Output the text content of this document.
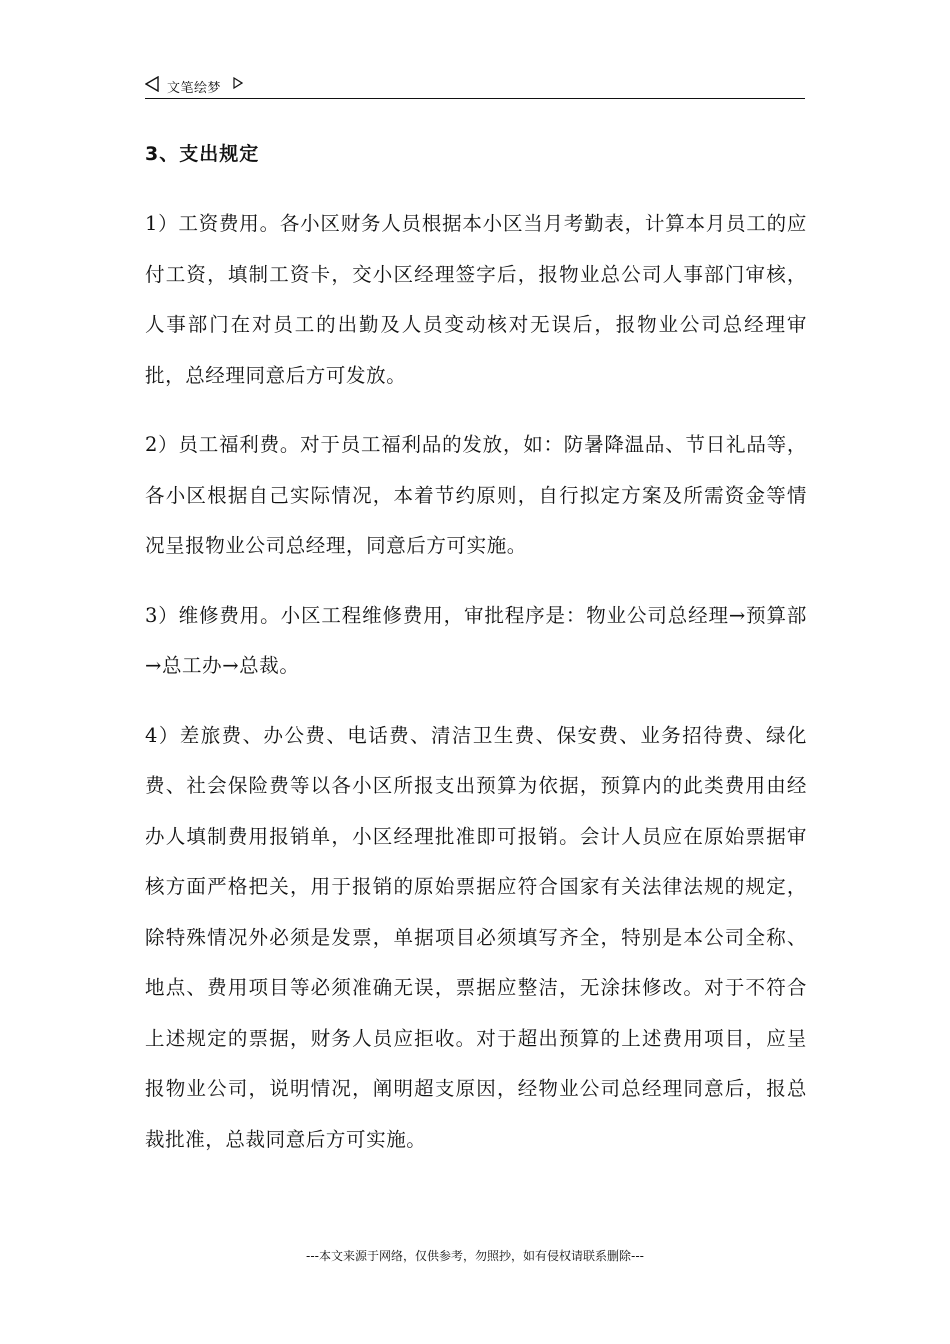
文笔绘梦
3、支出规定

1）工资费用。各小区财务人员根据本小区当月考勤表，计算本月员工的应付工资，填制工资卡，交小区经理签字后，报物业总公司人事部门审核，人事部门在对员工的出勤及人员变动核对无误后，报物业公司总经理审批，总经理同意后方可发放。

2）员工福利费。对于员工福利品的发放，如：防暑降温品、节日礼品等，各小区根据自己实际情况，本着节约原则，自行拟定方案及所需资金等情况呈报物业公司总经理，同意后方可实施。

3）维修费用。小区工程维修费用，审批程序是：物业公司总经理→预算部→总工办→总裁。

4）差旅费、办公费、电话费、清洁卫生费、保安费、业务招待费、绿化费、社会保险费等以各小区所报支出预算为依据，预算内的此类费用由经办人填制费用报销单，小区经理批准即可报销。会计人员应在原始票据审核方面严格把关，用于报销的原始票据应符合国家有关法律法规的规定，除特殊情况外必须是发票，单据项目必须填写齐全，特别是本公司全称、地点、费用项目等必须准确无误，票据应整洁，无涂抹修改。对于不符合上述规定的票据，财务人员应拒收。对于超出预算的上述费用项目，应呈报物业公司，说明情况，阐明超支原因，经物业公司总经理同意后，报总裁批准，总裁同意后方可实施。

---本文来源于网络，仅供参考，勿照抄，如有侵权请联系删除---
